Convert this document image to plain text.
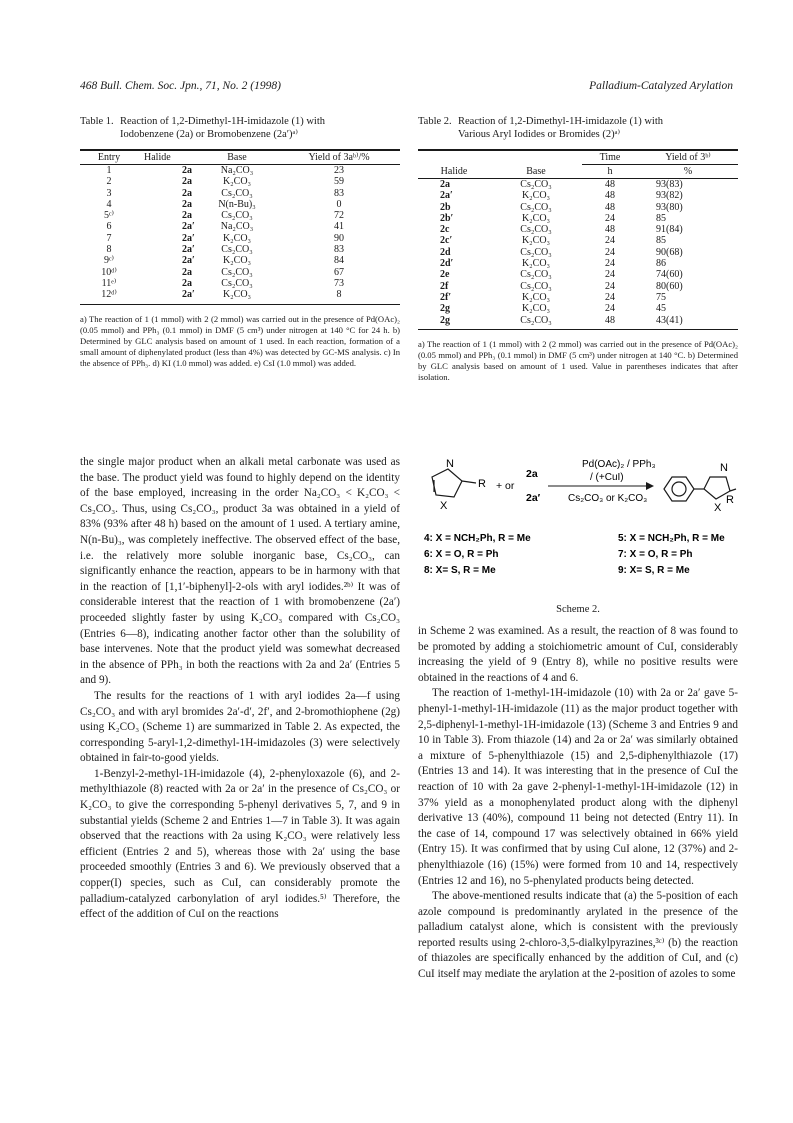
468 Bull. Chem. Soc. Jpn., 71, No. 2 (1998)	Palladium-Catalyzed Arylation
Table 1. Reaction of 1,2-Dimethyl-1H-imidazole (1) with
Iodobenzene (2a) or Bromobenzene (2a′)ᵃ⁾
Entry	Halide	Base	Yield of 3aᵇ⁾/%
1	2a	Na₂CO₃	23
2	2a	K₂CO₃	59
3	2a	Cs₂CO₃	83
4	2a	N(n-Bu)₃	0
5ᶜ⁾	2a	Cs₂CO₃	72
6	2a′	Na₂CO₃	41
7	2a′	K₂CO₃	90
8	2a′	Cs₂CO₃	83
9ᶜ⁾	2a′	K₂CO₃	84
10ᵈ⁾	2a	Cs₂CO₃	67
11ᵉ⁾	2a	Cs₂CO₃	73
12ᵈ⁾	2a′	K₂CO₃	8
a) The reaction of 1 (1 mmol) with 2 (2 mmol) was carried out in the presence of Pd(OAc)₂ (0.05 mmol) and PPh₃ (0.1 mmol) in DMF (5 cm³) under nitrogen at 140 °C for 24 h. b) Determined by GLC analysis based on amount of 1 used. In each reaction, formation of a small amount of diphenylated product (less than 4%) was detected by GC-MS analysis. c) In the absence of PPh₃. d) KI (1.0 mmol) was added. e) CsI (1.0 mmol) was added.

the single major product when an alkali metal carbonate was used as the base. The product yield was found to highly depend on the identity of the base employed, increasing in the order Na₂CO₃ < K₂CO₃ < Cs₂CO₃. Thus, using Cs₂CO₃, product 3a was obtained in a yield of 83% (93% after 48 h) based on the amount of 1 used. A tertiary amine, N(n-Bu)₃, was completely ineffective. The observed effect of the base, i.e. the relatively more soluble inorganic base, Cs₂CO₃, can significantly enhance the reaction, appears to be in harmony with that in the reaction of [1,1′-biphenyl]-2-ols with aryl iodides.²ᵇ⁾ It was of considerable interest that the reaction of 1 with bromobenzene (2a′) proceeded slightly faster by using K₂CO₃ compared with Cs₂CO₃ (Entries 6—8), indicating another factor other than the solubility of base intervenes. Note that the product yield was somewhat decreased in the absence of PPh₃ in both the reactions with 2a and 2a′ (Entries 5 and 9).

The results for the reactions of 1 with aryl iodides 2a—f using Cs₂CO₃ and with aryl bromides 2a′-d′, 2f′, and 2-bromothiophene (2g) using K₂CO₃ (Scheme 1) are summarized in Table 2. As expected, the corresponding 5-aryl-1,2-dimethyl-1H-imidazoles (3) were selectively obtained in fair-to-good yields.

1-Benzyl-2-methyl-1H-imidazole (4), 2-phenyloxazole (6), and 2-methylthiazole (8) reacted with 2a or 2a′ in the presence of Cs₂CO₃ or K₂CO₃ to give the corresponding 5-phenyl derivatives 5, 7, and 9 in substantial yields (Scheme 2 and Entries 1—7 in Table 3). It was again observed that the reactions with 2a using K₂CO₃ were relatively less efficient (Entries 2 and 5), whereas those with 2a′ using the base proceeded smoothly (Entries 3 and 6). We previously observed that a copper(I) species, such as CuI, can considerably promote the palladium-catalyzed carbonylation of aryl iodides.⁵⁾ Therefore, the effect of the addition of CuI on the reactions

Table 2. Reaction of 1,2-Dimethyl-1H-imidazole (1) with
Various Aryl Iodides or Bromides (2)ᵃ⁾
		Time	Yield of 3ᵇ⁾
Halide	Base	h	%
2a	Cs₂CO₃	48	93(83)
2a′	K₂CO₃	48	93(82)
2b	Cs₂CO₃	48	93(80)
2b′	K₂CO₃	24	85
2c	Cs₂CO₃	48	91(84)
2c′	K₂CO₃	24	85
2d	Cs₂CO₃	24	90(68)
2d′	K₂CO₃	24	86
2e	Cs₂CO₃	24	74(60)
2f	Cs₂CO₃	24	80(60)
2f′	K₂CO₃	24	75
2g	K₂CO₃	24	45
2g	Cs₂CO₃	48	43(41)
a) The reaction of 1 (1 mmol) with 2 (2 mmol) was carried out in the presence of Pd(OAc)₂ (0.05 mmol) and PPh₃ (0.1 mmol) in DMF (5 cm³) under nitrogen at 140 °C. b) Determined by GLC analysis based on amount of 1 used. Value in parentheses indicates that after isolation.
N
X
R
2a
+ or
2a′
Pd(OAc)₂ / PPh₃
/ (+CuI)
Cs₂CO₃ or K₂CO₃
N
X
R
4: X = NCH₂Ph, R = Me
6: X = O, R = Ph
8: X= S, R = Me
5: X = NCH₂Ph, R = Me
7: X = O, R = Ph
9: X= S, R = Me
Scheme 2.

in Scheme 2 was examined. As a result, the reaction of 8 was found to be promoted by adding a stoichiometric amount of CuI, considerably increasing the yield of 9 (Entry 8), while no positive results were obtained in the reactions of 4 and 6.

The reaction of 1-methyl-1H-imidazole (10) with 2a or 2a′ gave 5-phenyl-1-methyl-1H-imidazole (11) as the major product together with 2,5-diphenyl-1-methyl-1H-imidazole (13) (Scheme 3 and Entries 9 and 10 in Table 3). From thiazole (14) and 2a or 2a′ was similarly obtained a mixture of 5-phenylthiazole (15) and 2,5-diphenylthiazole (17) (Entries 13 and 14). It was interesting that in the presence of CuI the reaction of 10 with 2a gave 2-phenyl-1-methyl-1H-imidazole (12) in 37% yield as a monophenylated product along with the diphenyl derivative 13 (40%), compound 11 being not detected (Entry 11). In the case of 14, compound 17 was selectively obtained in 66% yield (Entry 15). It was confirmed that by using CuI alone, 12 (37%) and 2-phenylthiazole (16) (15%) were formed from 10 and 14, respectively (Entries 12 and 16), no 5-phenylated products being detected.

The above-mentioned results indicate that (a) the 5-position of each azole compound is predominantly arylated in the presence of the palladium catalyst alone, which is consistent with the previously reported results using 2-chloro-3,5-dialkylpyrazines,³ᶜ⁾ (b) the reaction of thiazoles are specifically enhanced by the addition of CuI, and (c) CuI itself may mediate the arylation at the 2-position of azoles to some
